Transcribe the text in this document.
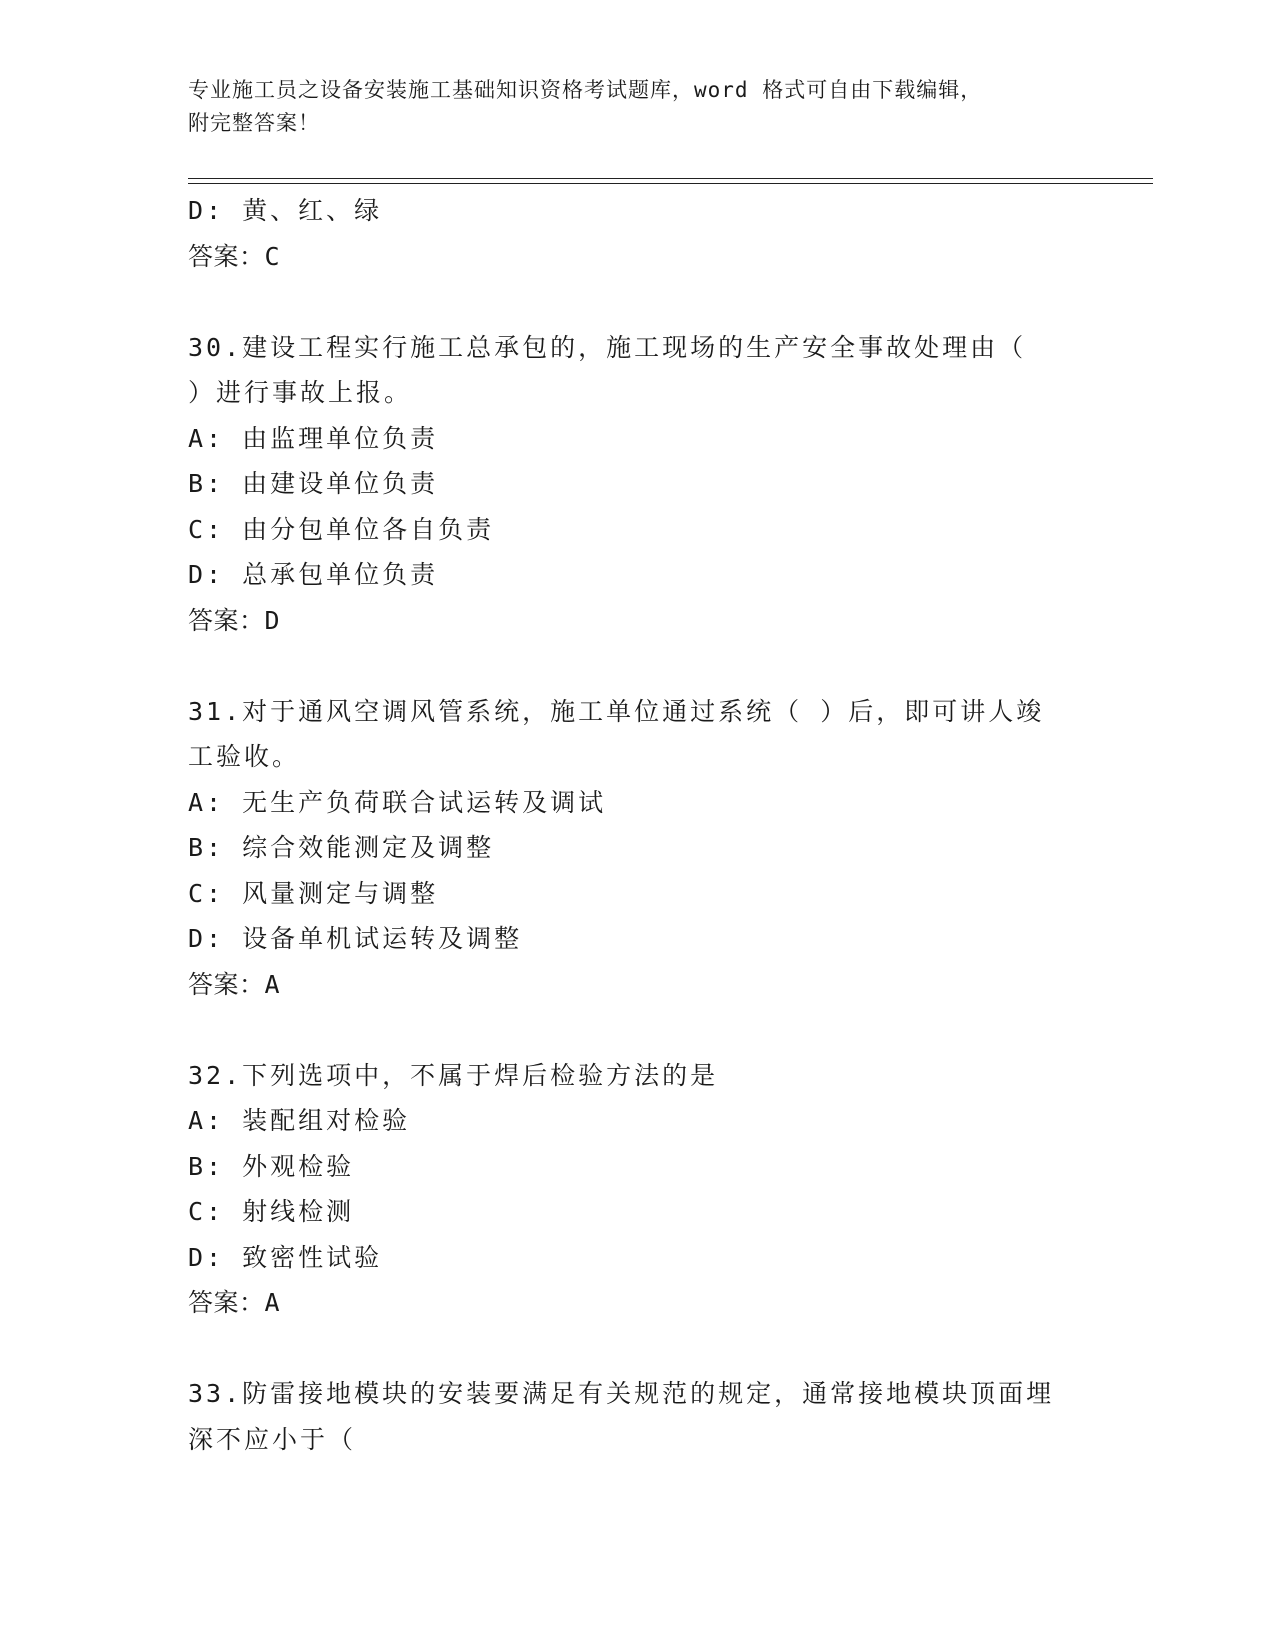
专业施工员之设备安装施工基础知识资格考试题库，word 格式可自由下载编辑，
附完整答案！
D: 黄、红、绿
答案：C
30.建设工程实行施工总承包的，施工现场的生产安全事故处理由（
）进行事故上报。
A: 由监理单位负责
B: 由建设单位负责
C: 由分包单位各自负责
D: 总承包单位负责
答案：D
31.对于通风空调风管系统，施工单位通过系统（ ）后，即可讲人竣
工验收。
A: 无生产负荷联合试运转及调试
B: 综合效能测定及调整
C: 风量测定与调整
D: 设备单机试运转及调整
答案：A
32.下列选项中，不属于焊后检验方法的是
A: 装配组对检验
B: 外观检验
C: 射线检测
D: 致密性试验
答案：A
33.防雷接地模块的安装要满足有关规范的规定，通常接地模块顶面埋
深不应小于（
